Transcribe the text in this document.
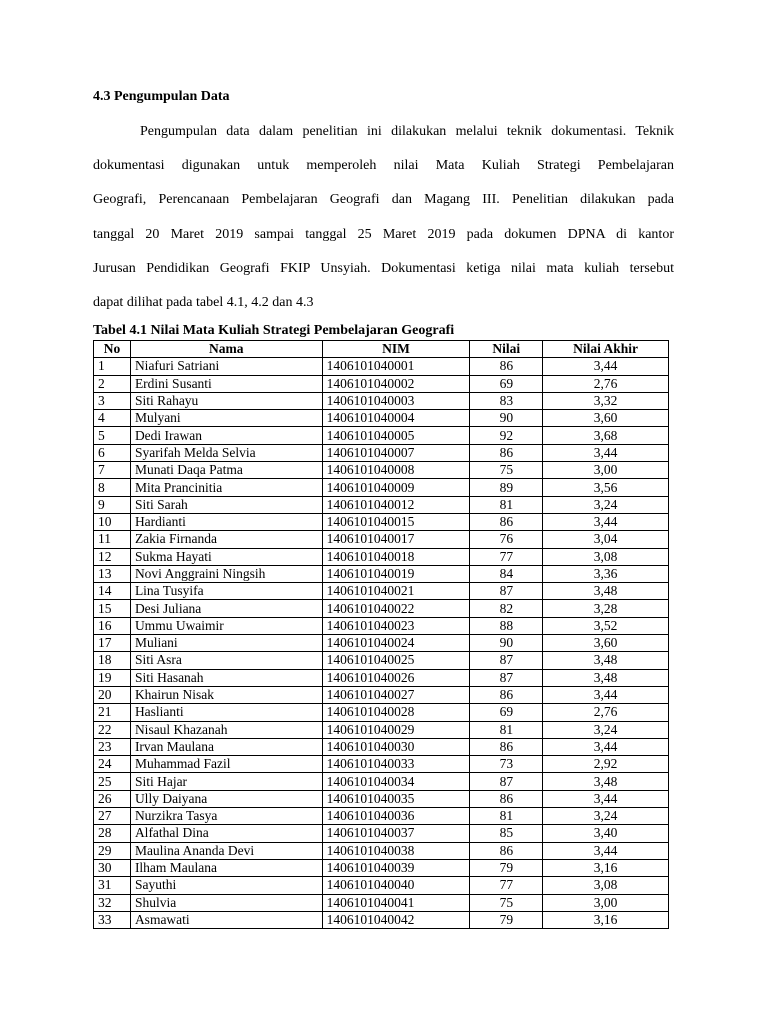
4.3 Pengumpulan Data

Pengumpulan data dalam penelitian ini dilakukan melalui teknik dokumentasi. Teknik
dokumentasi digunakan untuk memperoleh nilai Mata Kuliah Strategi Pembelajaran
Geografi, Perencanaan Pembelajaran Geografi dan Magang III. Penelitian dilakukan pada
tanggal 20 Maret 2019 sampai tanggal 25 Maret 2019 pada dokumen DPNA di kantor
Jurusan Pendidikan Geografi FKIP Unsyiah. Dokumentasi ketiga nilai mata kuliah tersebut
dapat dilihat pada tabel 4.1, 4.2 dan 4.3

Tabel 4.1 Nilai Mata Kuliah Strategi Pembelajaran Geografi
No	Nama	NIM	Nilai	Nilai Akhir
1	Niafuri Satriani	1406101040001	86	3,44
2	Erdini Susanti	1406101040002	69	2,76
3	Siti Rahayu	1406101040003	83	3,32
4	Mulyani	1406101040004	90	3,60
5	Dedi Irawan	1406101040005	92	3,68
6	Syarifah Melda Selvia	1406101040007	86	3,44
7	Munati Daqa Patma	1406101040008	75	3,00
8	Mita Prancinitia	1406101040009	89	3,56
9	Siti Sarah	1406101040012	81	3,24
10	Hardianti	1406101040015	86	3,44
11	Zakia Firnanda	1406101040017	76	3,04
12	Sukma Hayati	1406101040018	77	3,08
13	Novi Anggraini Ningsih	1406101040019	84	3,36
14	Lina Tusyifa	1406101040021	87	3,48
15	Desi Juliana	1406101040022	82	3,28
16	Ummu Uwaimir	1406101040023	88	3,52
17	Muliani	1406101040024	90	3,60
18	Siti Asra	1406101040025	87	3,48
19	Siti Hasanah	1406101040026	87	3,48
20	Khairun Nisak	1406101040027	86	3,44
21	Haslianti	1406101040028	69	2,76
22	Nisaul Khazanah	1406101040029	81	3,24
23	Irvan Maulana	1406101040030	86	3,44
24	Muhammad Fazil	1406101040033	73	2,92
25	Siti Hajar	1406101040034	87	3,48
26	Ully Daiyana	1406101040035	86	3,44
27	Nurzikra Tasya	1406101040036	81	3,24
28	Alfathal Dina	1406101040037	85	3,40
29	Maulina Ananda Devi	1406101040038	86	3,44
30	Ilham Maulana	1406101040039	79	3,16
31	Sayuthi	1406101040040	77	3,08
32	Shulvia	1406101040041	75	3,00
33	Asmawati	1406101040042	79	3,16
